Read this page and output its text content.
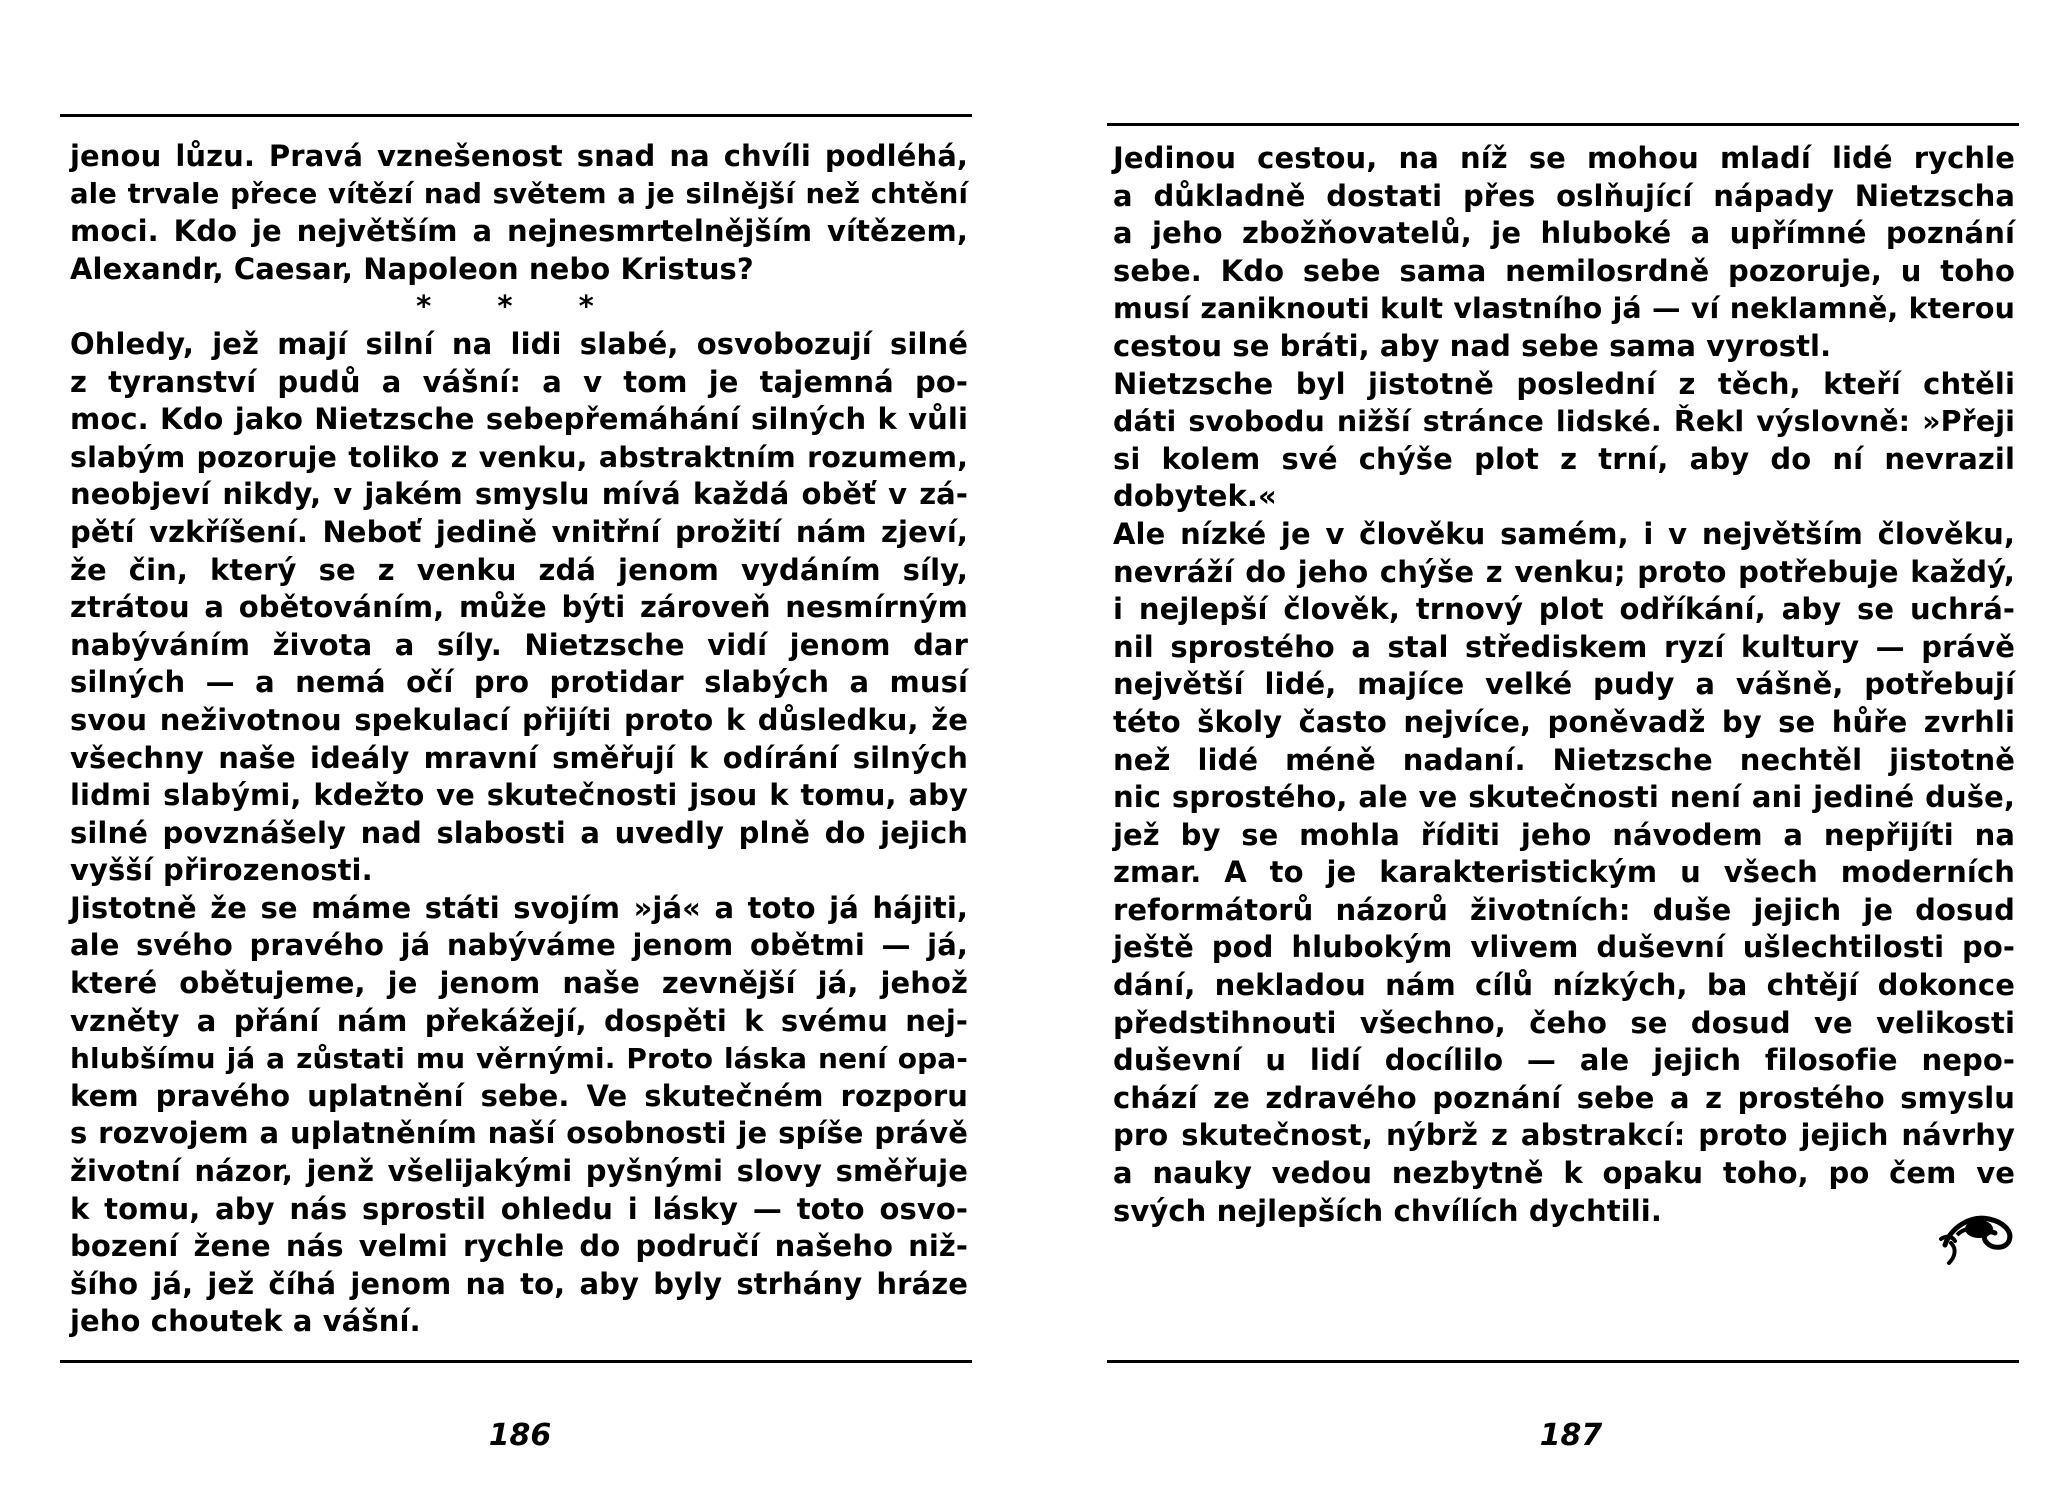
jenou lůzu. Pravá vznešenost snad na chvíli podléhá,
ale trvale přece vítězí nad světem a je silnější než chtění
moci. Kdo je největším a nejnesmrtelnějším vítězem,
Alexandr, Caesar, Napoleon nebo Kristus?
* * *
Ohledy, jež mají silní na lidi slabé, osvobozují silné
z tyranství pudů a vášní: a v tom je tajemná po-
moc. Kdo jako Nietzsche sebepřemáhání silných k vůli
slabým pozoruje toliko z venku, abstraktním rozumem,
neobjeví nikdy, v jakém smyslu mívá každá oběť v zá-
pětí vzkříšení. Neboť jedině vnitřní prožití nám zjeví,
že čin, který se z venku zdá jenom vydáním síly,
ztrátou a obětováním, může býti zároveň nesmírným
nabýváním života a síly. Nietzsche vidí jenom dar
silných — a nemá očí pro protidar slabých a musí
svou neživotnou spekulací přijíti proto k důsledku, že
všechny naše ideály mravní směřují k odírání silných
lidmi slabými, kdežto ve skutečnosti jsou k tomu, aby
silné povznášely nad slabosti a uvedly plně do jejich
vyšší přirozenosti.
Jistotně že se máme státi svojím »já« a toto já hájiti,
ale svého pravého já nabýváme jenom obětmi — já,
které obětujeme, je jenom naše zevnější já, jehož
vzněty a přání nám překážejí, dospěti k svému nej-
hlubšímu já a zůstati mu věrnými. Proto láska není opa-
kem pravého uplatnění sebe. Ve skutečném rozporu
s rozvojem a uplatněním naší osobnosti je spíše právě
životní názor, jenž všelijakými pyšnými slovy směřuje
k tomu, aby nás sprostil ohledu i lásky — toto osvo-
bození žene nás velmi rychle do područí našeho niž-
šího já, jež číhá jenom na to, aby byly strhány hráze
jeho choutek a vášní.
186
Jedinou cestou, na níž se mohou mladí lidé rychle
a důkladně dostati přes oslňující nápady Nietzscha
a jeho zbožňovatelů, je hluboké a upřímné poznání
sebe. Kdo sebe sama nemilosrdně pozoruje, u toho
musí zaniknouti kult vlastního já — ví neklamně, kterou
cestou se bráti, aby nad sebe sama vyrostl.
Nietzsche byl jistotně poslední z těch, kteří chtěli
dáti svobodu nižší stránce lidské. Řekl výslovně: »Přeji
si kolem své chýše plot z trní, aby do ní nevrazil
dobytek.«
Ale nízké je v člověku samém, i v největším člověku,
nevráží do jeho chýše z venku; proto potřebuje každý,
i nejlepší člověk, trnový plot odříkání, aby se uchrá-
nil sprostého a stal střediskem ryzí kultury — právě
největší lidé, majíce velké pudy a vášně, potřebují
této školy často nejvíce, poněvadž by se hůře zvrhli
než lidé méně nadaní. Nietzsche nechtěl jistotně
nic sprostého, ale ve skutečnosti není ani jediné duše,
jež by se mohla říditi jeho návodem a nepřijíti na
zmar. A to je karakteristickým u všech moderních
reformátorů názorů životních: duše jejich je dosud
ještě pod hlubokým vlivem duševní ušlechtilosti po-
dání, nekladou nám cílů nízkých, ba chtějí dokonce
předstihnouti všechno, čeho se dosud ve velikosti
duševní u lidí docílilo — ale jejich filosofie nepo-
chází ze zdravého poznání sebe a z prostého smyslu
pro skutečnost, nýbrž z abstrakcí: proto jejich návrhy
a nauky vedou nezbytně k opaku toho, po čem ve
svých nejlepších chvílích dychtili.
187
